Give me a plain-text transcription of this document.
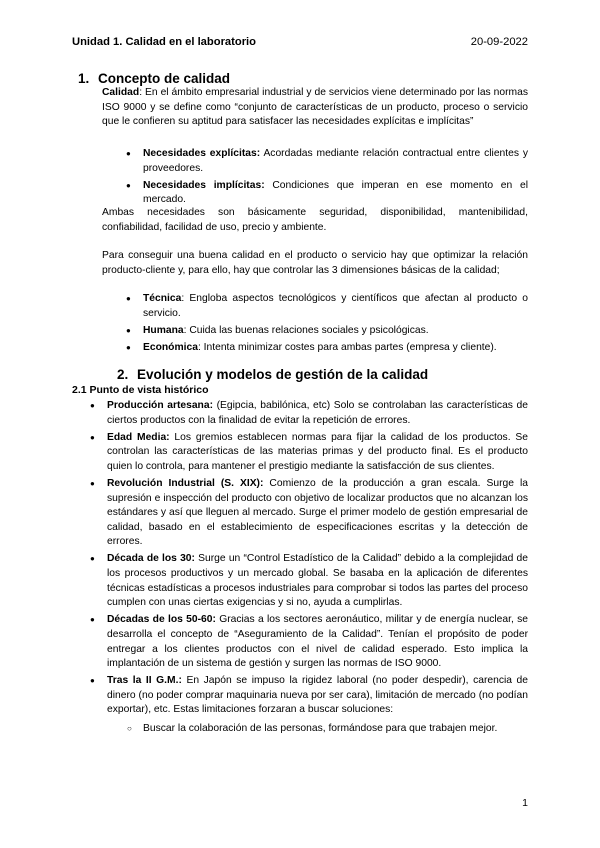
Unidad 1. Calidad en el laboratorio	20-09-2022
1. Concepto de calidad
Calidad: En el ámbito empresarial industrial y de servicios viene determinado por las normas ISO 9000 y se define como “conjunto de características de un producto, proceso o servicio que le confieren su aptitud para satisfacer las necesidades explícitas e implícitas”
● Necesidades explícitas: Acordadas mediante relación contractual entre clientes y proveedores.
● Necesidades implícitas: Condiciones que imperan en ese momento en el mercado.
Ambas necesidades son básicamente seguridad, disponibilidad, mantenibilidad, confiabilidad, facilidad de uso, precio y ambiente.
Para conseguir una buena calidad en el producto o servicio hay que optimizar la relación producto-cliente y, para ello, hay que controlar las 3 dimensiones básicas de la calidad;
● Técnica: Engloba aspectos tecnológicos y científicos que afectan al producto o servicio.
● Humana: Cuida las buenas relaciones sociales y psicológicas.
● Económica: Intenta minimizar costes para ambas partes (empresa y cliente).
2. Evolución y modelos de gestión de la calidad
2.1 Punto de vista histórico
● Producción artesana: (Egipcia, babilónica, etc) Solo se controlaban las características de ciertos productos con la finalidad de evitar la repetición de errores.
● Edad Media: Los gremios establecen normas para fijar la calidad de los productos. Se controlan las características de las materias primas y del producto final. Es el producto quien lo controla, para mantener el prestigio mediante la satisfacción de sus clientes.
● Revolución Industrial (S. XIX): Comienzo de la producción a gran escala. Surge la supresión e inspección del producto con objetivo de localizar productos que no alcanzan los estándares y así que lleguen al mercado. Surge el primer modelo de gestión empresarial de calidad, basado en el establecimiento de especificaciones escritas y la detección de errores.
● Década de los 30: Surge un “Control Estadístico de la Calidad” debido a la complejidad de los procesos productivos y un mercado global. Se basaba en la aplicación de diferentes técnicas estadísticas a procesos industriales para comprobar si todos las partes del proceso cumplen con unas ciertas exigencias y si no, ayuda a cumplirlas.
● Décadas de los 50-60: Gracias a los sectores aeronáutico, militar y de energía nuclear, se desarrolla el concepto de “Aseguramiento de la Calidad”. Tenían el propósito de poder entregar a los clientes productos con el nivel de calidad esperado. Esto implica la implantación de un sistema de gestión y surgen las normas de ISO 9000.
● Tras la II G.M.: En Japón se impuso la rigidez laboral (no poder despedir), carencia de dinero (no poder comprar maquinaria nueva por ser cara), limitación de mercado (no podían exportar), etc. Estas limitaciones forzaran a buscar soluciones:
○ Buscar la colaboración de las personas, formándose para que trabajen mejor.
1
